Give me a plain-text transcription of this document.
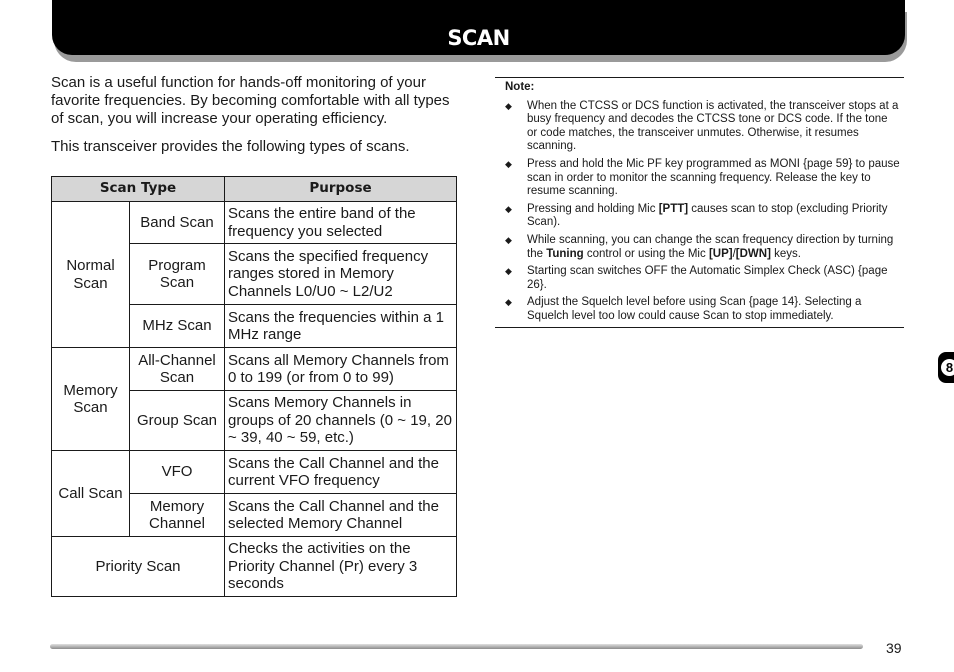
SCAN

Scan is a useful function for hands-off monitoring of your favorite frequencies. By becoming comfortable with all types of scan, you will increase your operating efficiency.

This transceiver provides the following types of scans.

Scan Type		Purpose
Normal Scan	Band Scan	Scans the entire band of the frequency you selected
	Program Scan	Scans the specified frequency ranges stored in Memory Channels L0/U0 ~ L2/U2
	MHz Scan	Scans the frequencies within a 1 MHz range
Memory Scan	All-Channel Scan	Scans all Memory Channels from 0 to 199 (or from 0 to 99)
	Group Scan	Scans Memory Channels in groups of 20 channels (0 ~ 19, 20 ~ 39, 40 ~ 59, etc.)
Call Scan	VFO	Scans the Call Channel and the current VFO frequency
	Memory Channel	Scans the Call Channel and the selected Memory Channel
Priority Scan		Checks the activities on the Priority Channel (Pr) every 3 seconds
Note:
◆ When the CTCSS or DCS function is activated, the transceiver stops at a busy frequency and decodes the CTCSS tone or DCS code. If the tone or code matches, the transceiver unmutes. Otherwise, it resumes scanning.
◆ Press and hold the Mic PF key programmed as MONI {page 59} to pause scan in order to monitor the scanning frequency. Release the key to resume scanning.
◆ Pressing and holding Mic [PTT] causes scan to stop (excluding Priority Scan).
◆ While scanning, you can change the scan frequency direction by turning the Tuning control or using the Mic [UP]/[DWN] keys.
◆ Starting scan switches OFF the Automatic Simplex Check (ASC) {page 26}.
◆ Adjust the Squelch level before using Scan {page 14}. Selecting a Squelch level too low could cause Scan to stop immediately.
8
39
